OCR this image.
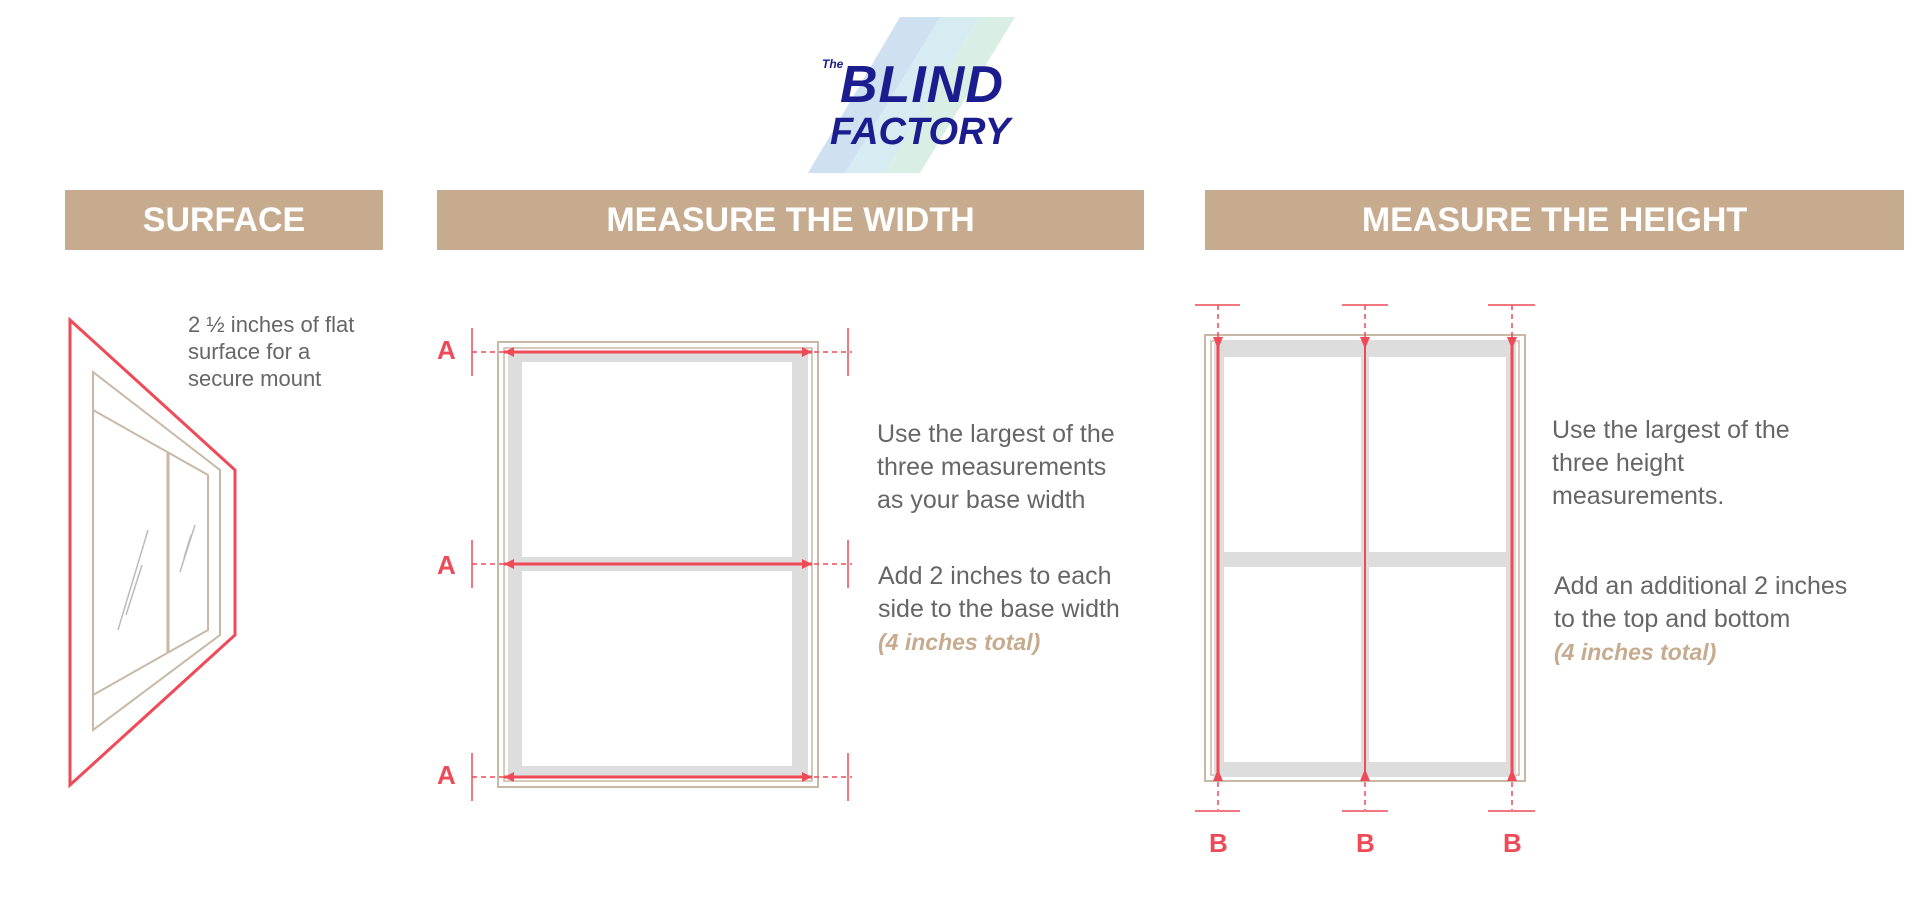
The
BLIND
FACTORY
SURFACE	MEASURE THE WIDTH	MEASURE THE HEIGHT
2 ½ inches of flat
surface for a
secure mount
A
A
A
Use the largest of the
three measurements
as your base width
Add 2 inches to each
side to the base width
(4 inches total)
B	B	B
Use the largest of the
three height
measurements.
Add an additional 2 inches
to the top and bottom
(4 inches total)
